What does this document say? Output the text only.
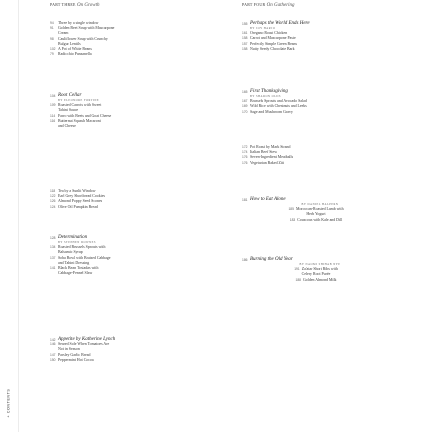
+ CONTENTS
PART THREE On Growth
94 Three by a single window
91 Golden Beet Soup with Mascarpone
Cream
98 Cauliflower Soup with Crunchy
Bulgur Lentils
102 A Pot of White Beans
79 Radicchio Panzanella
104 Root Cellar
BY ELEONORE FORTINE
109 Roasted Carrots with Sweet
Tahini Sauce
114 Farro with Beets and Goat Cheese
116 Butternut Squash Macaroni
and Cheese
118 Tea by a Sunlit Window
122 Earl Grey Shortbread Cookies
126 Almond Poppy Seed Scones
124 Olive Oil Pumpkin Bread
128 Determination
BY STEPHEN DOWNES
134 Roasted Brussels Sprouts with
Balsamic Syrup
137 Soba Bowl with Braised Cabbage
and Tahini Dressing
141 Black Bean Tostadas with
Cabbage-Fennel Slaw
142 Appetite by Katherine Lynch
146 Seared Sole When Tomatoes Are
Not in Season
147 Parsley Garlic Bread
150 Peppermint Hot Cocoa
PART FOUR On Gathering
155 Perhaps the World Ends Here
BY JOY HARJO
161 Oregano Roast Chicken
158 Carrot and Mascarpone Paste
157 Perfectly Simple Green Beans
158 Nutty Seedy Chocolate Bark
165 First Thanksgiving
BY SHARON OLDS
167 Brussels Sprouts and Avocado Salad
169 Wild Rice with Chestnuts and Leeks
170 Sage and Mushroom Gravy
172 Pot Roast by Mark Strand
174 Italian Beef Stew
176 Seven-Ingredient Meatballs
176 Vegetarian Baked Ziti
181 How to Eat Alone
BY DANIEL HALPERN
185 Moroccan-Roasted Lamb with
Herb Yogurt
183 Couscous with Kale and Dill
186 Burning the Old Year
BY NAOMI SHIHAB NYE
191 Za'atar Short Ribs with
Celery Root Purée
188 Golden Almond Milk
